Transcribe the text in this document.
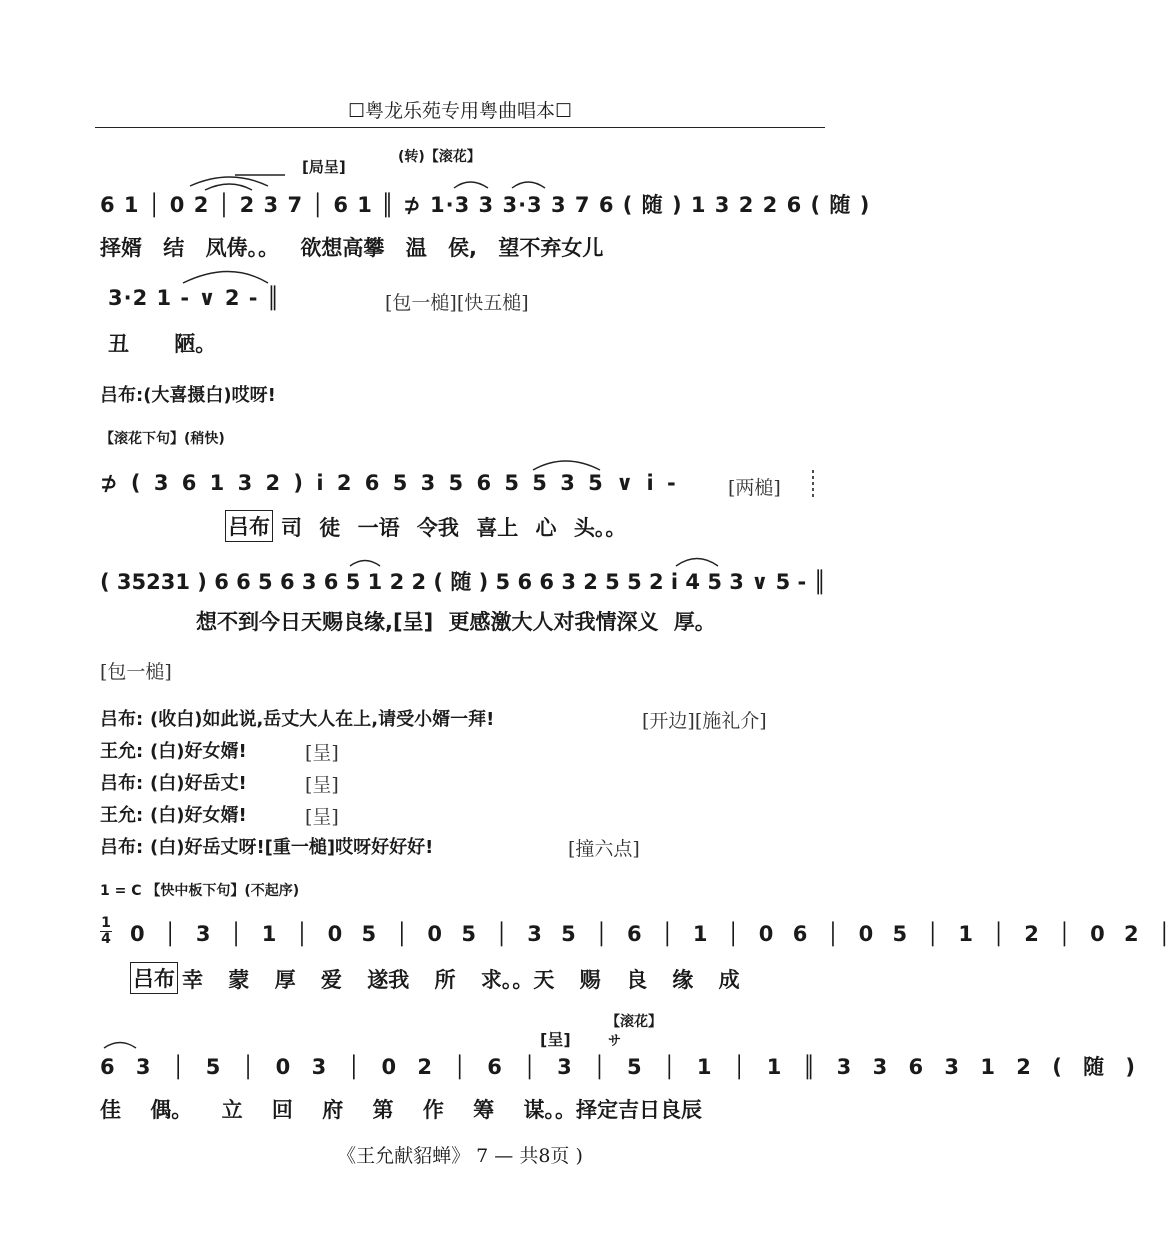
☐粤龙乐苑专用粤曲唱本☐
(转)【滚花】
[局呈]
6 1 │ 0 2 │ 2 3 7 │ 6 1 ║ ⊅ 1·3 3 3·3 3 7 6 ( 随 ) 1 3 2 2 6 ( 随 )
择婿 结 凤俦。。 欲想高攀 温 侯, 望不弃女儿
3·2 1 - ∨ 2 - ║	[包一槌][快五槌]
丑 陋。
吕布:(大喜摄白)哎呀!
【滚花下句】(稍快)
⊅ ( 3 6 1 3 2 ) i 2 6 5 3 5 6 5 5 3 5 ∨ i -	[两槌]
吕布 司 徒 一语 令我 喜上 心 头。。
( 35231 ) 6 6 5 6 3 6 5 1 2 2 ( 随 ) 5 6 6 3 2 5 5 2 i 4 5 3 ∨ 5 - ║
想不到今日天赐良缘,[呈] 更感激大人对我情深义 厚。
[包一槌]
吕布: (收白)如此说,岳丈大人在上,请受小婿一拜!	[开边][施礼介]
王允: (白)好女婿!	[呈]
吕布: (白)好岳丈!	[呈]
王允: (白)好女婿!	[呈]
吕布: (白)好岳丈呀![重一槌]哎呀好好好!	[撞六点]
1 = C 【快中板下句】(不起序)
1
4 0 │ 3 │ 1 │ 0 5 │ 0 5 │ 3 5 │ 6 │ 1 │ 0 6 │ 0 5 │ 1 │ 2 │ 0 2 │
吕布 幸 蒙 厚 爱 遂我 所 求。。天 赐 良 缘 成
【滚花】
[呈]	サ
6 3 │ 5 │ 0 3 │ 0 2 │ 6 │ 3 │ 5 │ 1 │ 1 ║ 3 3 6 3 1 2 ( 随 )
佳 偶。 立 回 府 第 作 筹 谋。。择定吉日良辰
《王允献貂蝉》 7 — 共8页 )
